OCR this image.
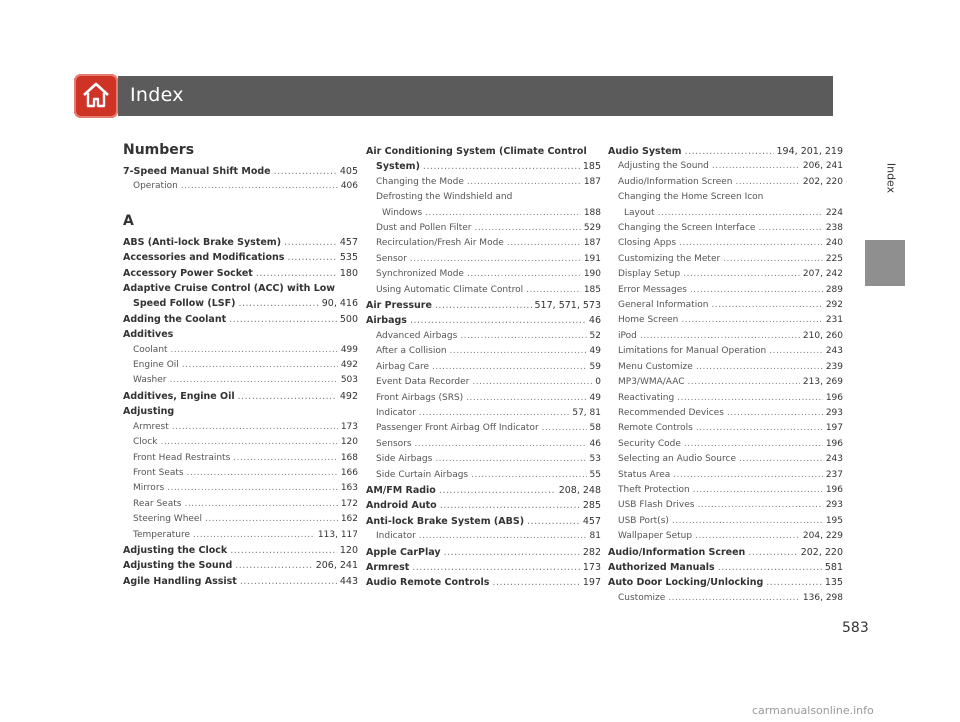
Index
Index
Numbers
7-Speed Manual Shift Mode .....	405
Operation .....	406
A
ABS (Anti-lock Brake System) .....	457
Accessories and Modifications .....	535
Accessory Power Socket .....	180
Adaptive Cruise Control (ACC) with Low
Speed Follow (LSF) .....	90, 416
Adding the Coolant .....	500
Additives
Coolant .....	499
Engine Oil .....	492
Washer .....	503
Additives, Engine Oil .....	492
Adjusting
Armrest .....	173
Clock .....	120
Front Head Restraints .....	168
Front Seats .....	166
Mirrors .....	163
Rear Seats .....	172
Steering Wheel .....	162
Temperature .....	113, 117
Adjusting the Clock .....	120
Adjusting the Sound .....	206, 241
Agile Handling Assist .....	443
Air Conditioning System (Climate Control
System) .....	185
Changing the Mode .....	187
Defrosting the Windshield and
Windows .....	188
Dust and Pollen Filter .....	529
Recirculation/Fresh Air Mode .....	187
Sensor .....	191
Synchronized Mode .....	190
Using Automatic Climate Control .....	185
Air Pressure .....	517, 571, 573
Airbags .....	46
Advanced Airbags .....	52
After a Collision .....	49
Airbag Care .....	59
Event Data Recorder .....	0
Front Airbags (SRS) .....	49
Indicator .....	57, 81
Passenger Front Airbag Off Indicator .....	58
Sensors .....	46
Side Airbags .....	53
Side Curtain Airbags .....	55
AM/FM Radio .....	208, 248
Android Auto .....	285
Anti-lock Brake System (ABS) .....	457
Indicator .....	81
Apple CarPlay .....	282
Armrest .....	173
Audio Remote Controls .....	197
Audio System .....	194, 201, 219
Adjusting the Sound .....	206, 241
Audio/Information Screen .....	202, 220
Changing the Home Screen Icon
Layout .....	224
Changing the Screen Interface .....	238
Closing Apps .....	240
Customizing the Meter .....	225
Display Setup .....	207, 242
Error Messages .....	289
General Information .....	292
Home Screen .....	231
iPod .....	210, 260
Limitations for Manual Operation .....	243
Menu Customize .....	239
MP3/WMA/AAC .....	213, 269
Reactivating .....	196
Recommended Devices .....	293
Remote Controls .....	197
Security Code .....	196
Selecting an Audio Source .....	243
Status Area .....	237
Theft Protection .....	196
USB Flash Drives .....	293
USB Port(s) .....	195
Wallpaper Setup .....	204, 229
Audio/Information Screen .....	202, 220
Authorized Manuals .....	581
Auto Door Locking/Unlocking .....	135
Customize .....	136, 298
583
carmanualsonline.info
